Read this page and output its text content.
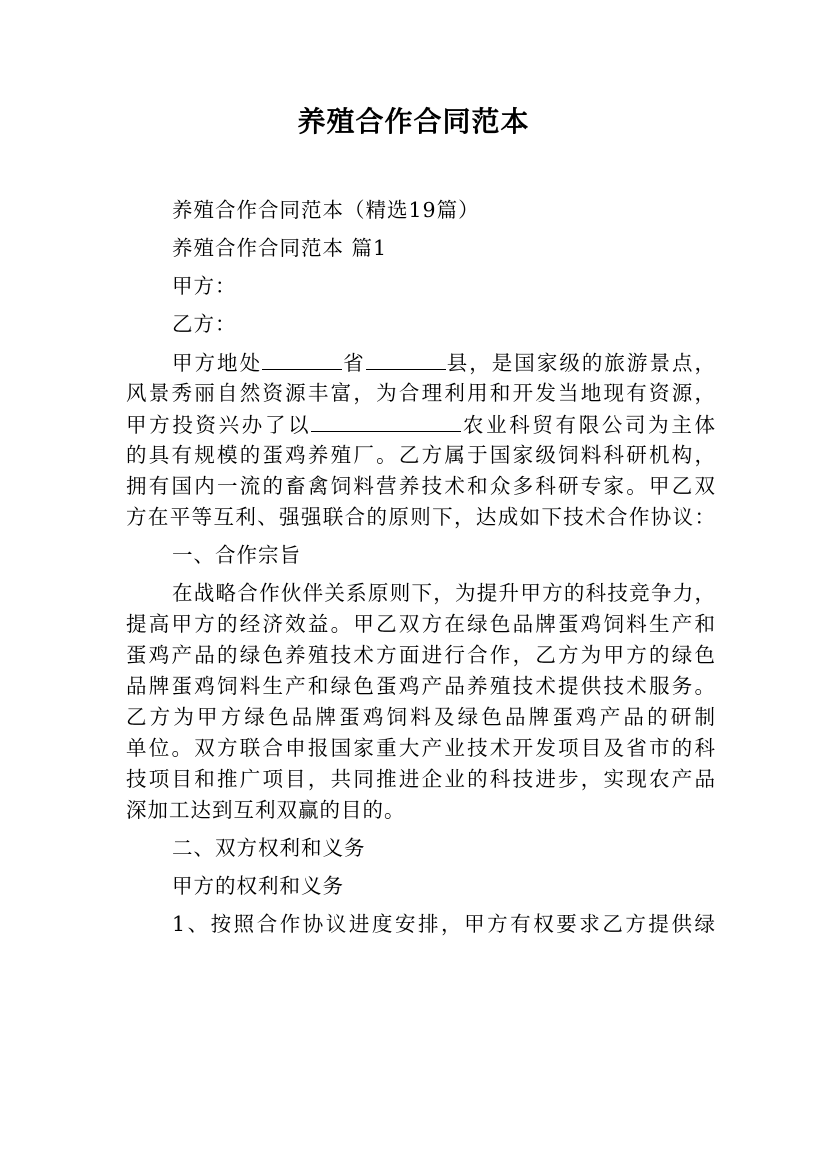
养殖合作合同范本
养殖合作合同范本（精选19篇）
养殖合作合同范本 篇1
甲方：
乙方：
甲方地处	省	县，是国家级的旅游景点，
风景秀丽自然资源丰富，为合理利用和开发当地现有资源，
甲方投资兴办了以	农业科贸有限公司为主体
的具有规模的蛋鸡养殖厂。乙方属于国家级饲料科研机构，
拥有国内一流的畜禽饲料营养技术和众多科研专家。甲乙双
方在平等互利、强强联合的原则下，达成如下技术合作协议：
一、合作宗旨
在战略合作伙伴关系原则下，为提升甲方的科技竞争力，
提高甲方的经济效益。甲乙双方在绿色品牌蛋鸡饲料生产和
蛋鸡产品的绿色养殖技术方面进行合作，乙方为甲方的绿色
品牌蛋鸡饲料生产和绿色蛋鸡产品养殖技术提供技术服务。
乙方为甲方绿色品牌蛋鸡饲料及绿色品牌蛋鸡产品的研制
单位。双方联合申报国家重大产业技术开发项目及省市的科
技项目和推广项目，共同推进企业的科技进步，实现农产品
深加工达到互利双赢的目的。
二、双方权利和义务
甲方的权利和义务
1、按照合作协议进度安排，甲方有权要求乙方提供绿
